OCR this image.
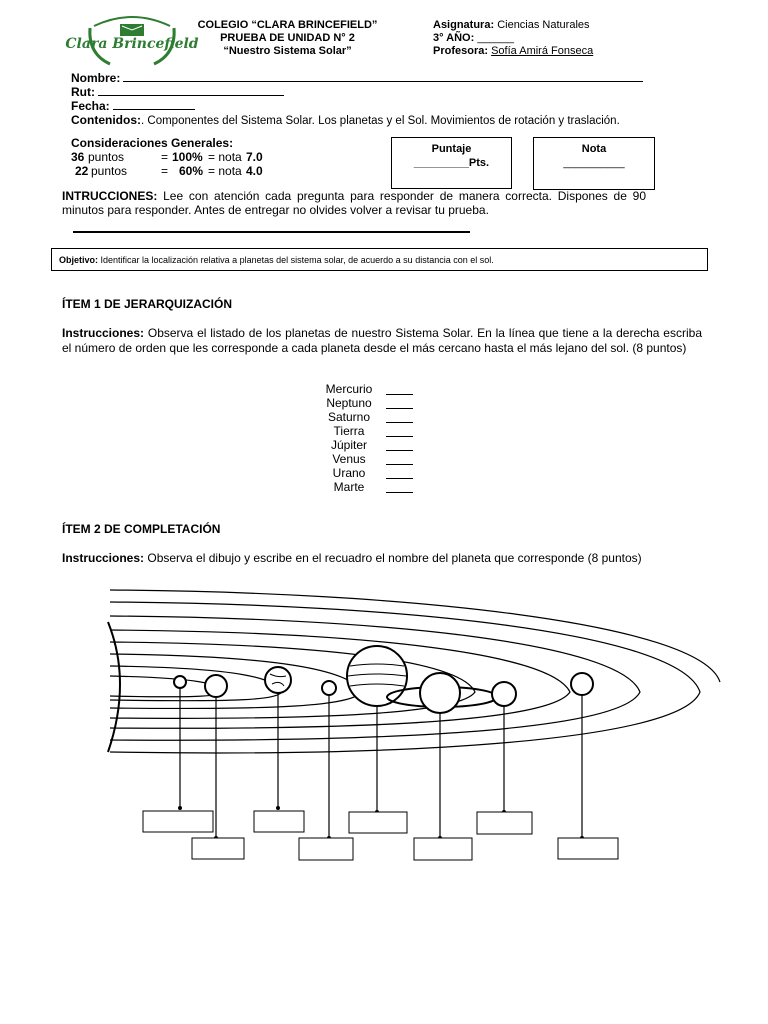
Clara Brincefield
COLEGIO “CLARA BRINCEFIELD”
PRUEBA DE UNIDAD N° 2
“Nuestro Sistema Solar”
Asignatura: Ciencias Naturales
3° AÑO: ______
Profesora: Sofía Amirá Fonseca
Nombre:
Rut:
Fecha:
Contenidos:. Componentes del Sistema Solar. Los planetas y el Sol. Movimientos de rotación y traslación.
Consideraciones Generales:
36 puntos	= 100% = nota 7.0
22 puntos	= 60% = nota 4.0
Puntaje
_________Pts.
Nota
__________
INTRUCCIONES: Lee con atención cada pregunta para responder de manera correcta. Dispones de 90 minutos para responder. Antes de entregar no olvides volver a revisar tu prueba.
Objetivo: Identificar la localización relativa a planetas del sistema solar, de acuerdo a su distancia con el sol.
ÍTEM 1 DE JERARQUIZACIÓN
Instrucciones: Observa el listado de los planetas de nuestro Sistema Solar. En la línea que tiene a la derecha escriba el número de orden que les corresponde a cada planeta desde el más cercano hasta el más lejano del sol. (8 puntos)
Mercurio
Neptuno
Saturno
Tierra
Júpiter
Venus
Urano
Marte
ÍTEM 2 DE COMPLETACIÓN
Instrucciones: Observa el dibujo y escribe en el recuadro el nombre del planeta que corresponde (8 puntos)
